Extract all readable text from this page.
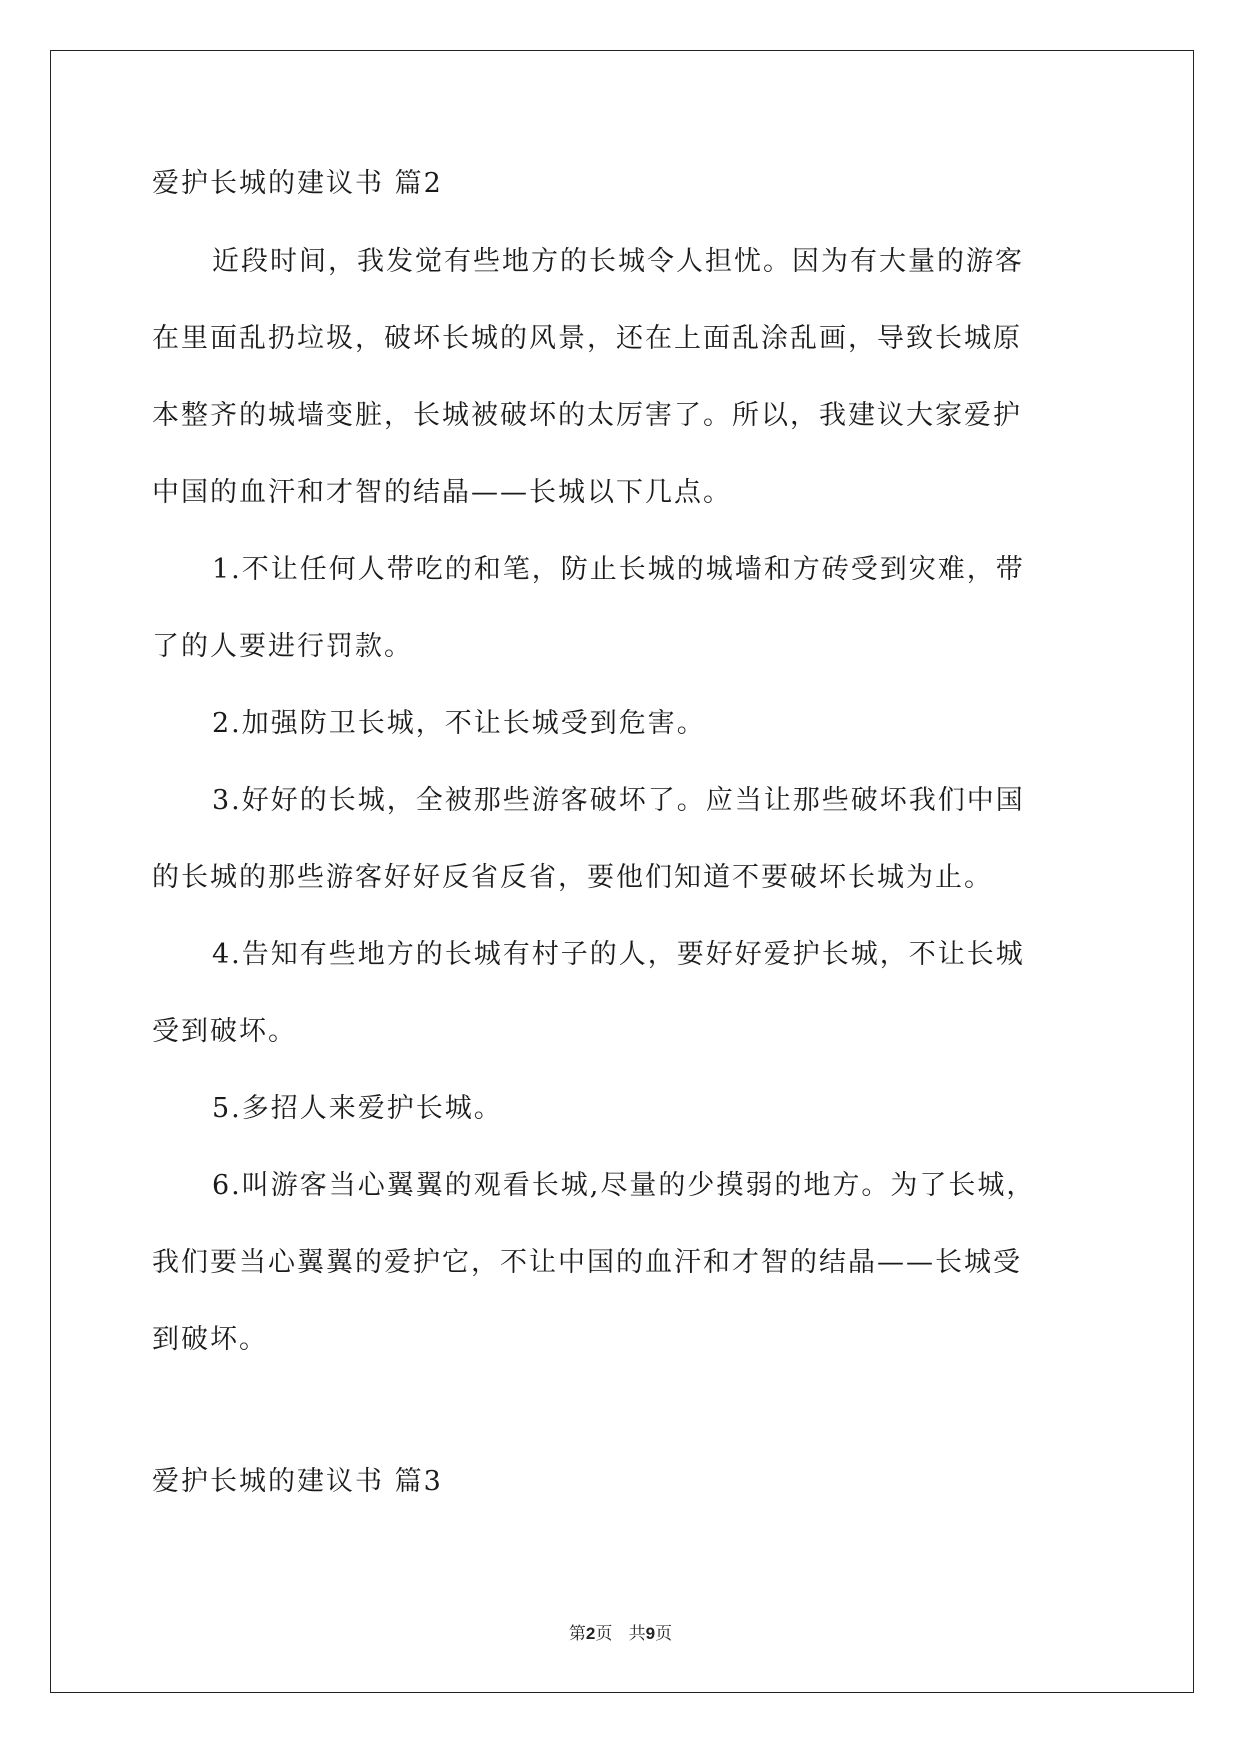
爱护长城的建议书 篇2
近段时间，我发觉有些地方的长城令人担忧。因为有大量的游客
在里面乱扔垃圾，破坏长城的风景，还在上面乱涂乱画，导致长城原
本整齐的城墙变脏，长城被破坏的太厉害了。所以，我建议大家爱护
中国的血汗和才智的结晶——长城以下几点。
1.不让任何人带吃的和笔，防止长城的城墙和方砖受到灾难，带
了的人要进行罚款。
2.加强防卫长城，不让长城受到危害。
3.好好的长城，全被那些游客破坏了。应当让那些破坏我们中国
的长城的那些游客好好反省反省，要他们知道不要破坏长城为止。
4.告知有些地方的长城有村子的人，要好好爱护长城，不让长城
受到破坏。
5.多招人来爱护长城。
6.叫游客当心翼翼的观看长城,尽量的少摸弱的地方。为了长城，
我们要当心翼翼的爱护它，不让中国的血汗和才智的结晶——长城受
到破坏。
爱护长城的建议书 篇3
第2页 共9页
